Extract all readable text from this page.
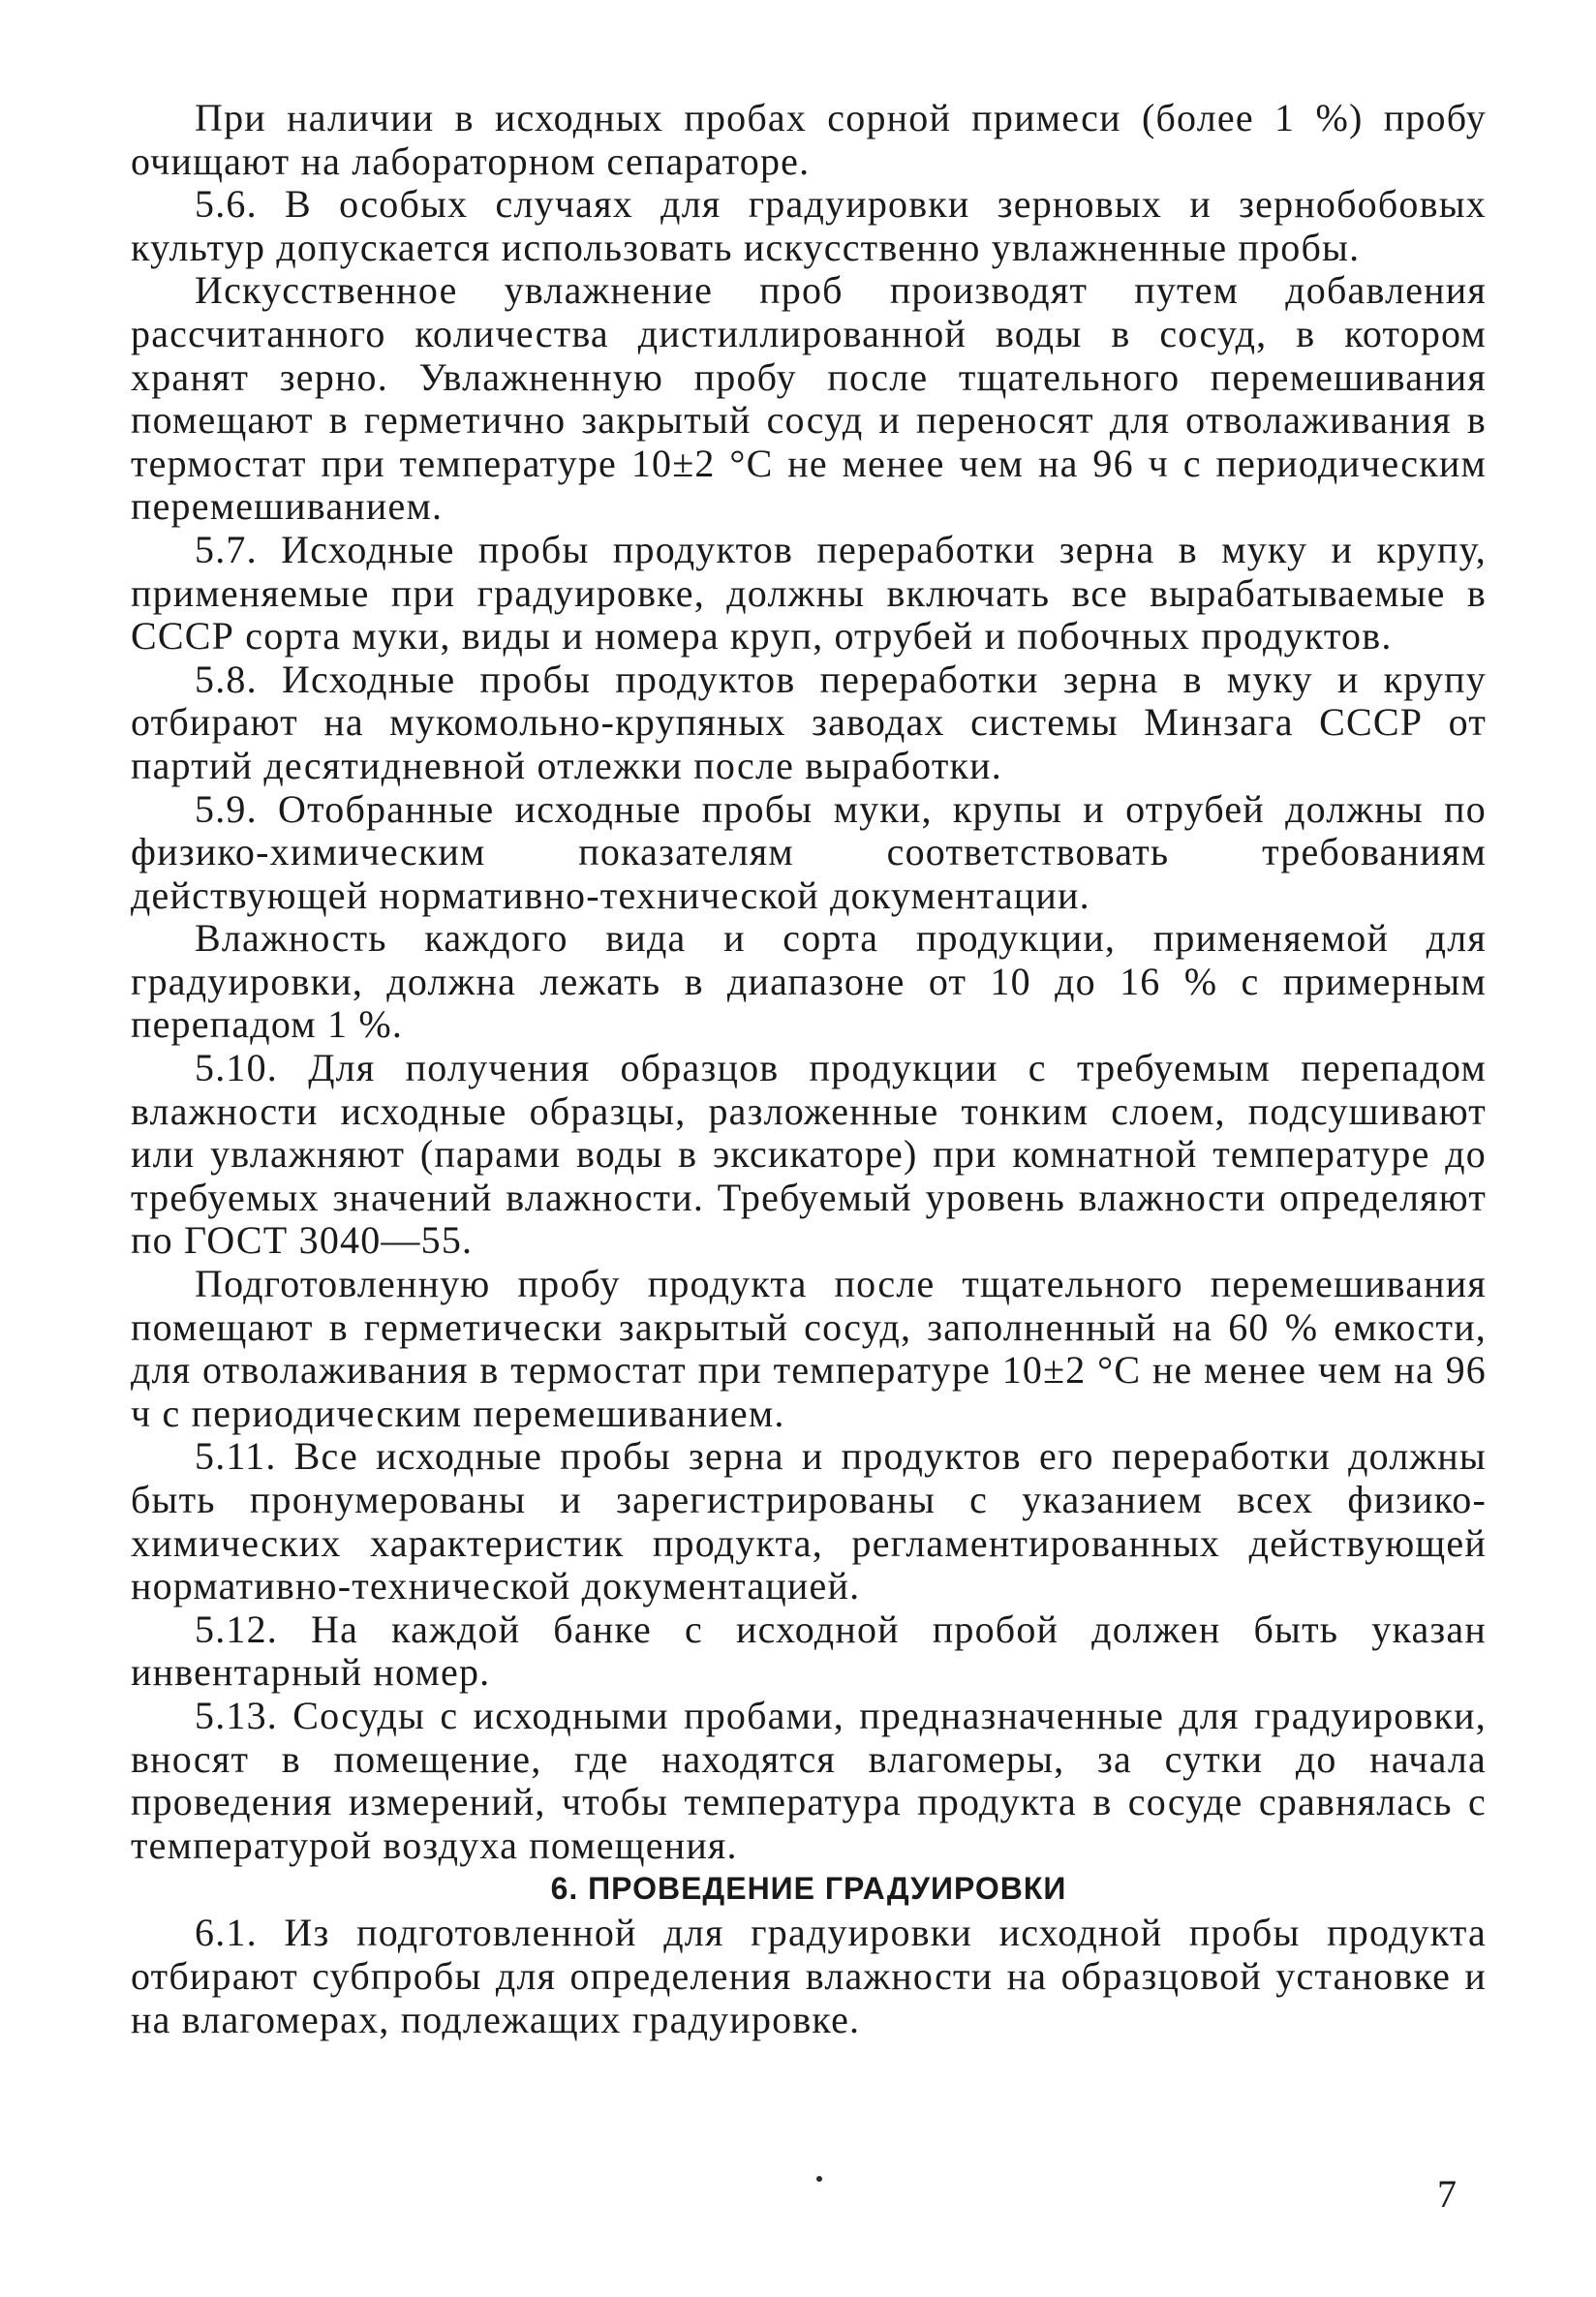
При наличии в исходных пробах сорной примеси (более 1 %) пробу очищают на лабораторном сепараторе.

5.6. В особых случаях для градуировки зерновых и зернобобовых культур допускается использовать искусственно увлажненные пробы.

Искусственное увлажнение проб производят путем добавления рассчитанного количества дистиллированной воды в сосуд, в котором хранят зерно. Увлажненную пробу после тщательного перемешивания помещают в герметично закрытый сосуд и переносят для отволаживания в термостат при температуре 10±2 °С не менее чем на 96 ч с периодическим перемешиванием.

5.7. Исходные пробы продуктов переработки зерна в муку и крупу, применяемые при градуировке, должны включать все вырабатываемые в СССР сорта муки, виды и номера круп, отрубей и побочных продуктов.

5.8. Исходные пробы продуктов переработки зерна в муку и крупу отбирают на мукомольно-крупяных заводах системы Минзага СССР от партий десятидневной отлежки после выработки.

5.9. Отобранные исходные пробы муки, крупы и отрубей должны по физико-химическим показателям соответствовать требованиям действующей нормативно-технической документации.

Влажность каждого вида и сорта продукции, применяемой для градуировки, должна лежать в диапазоне от 10 до 16 % с примерным перепадом 1 %.

5.10. Для получения образцов продукции с требуемым перепадом влажности исходные образцы, разложенные тонким слоем, подсушивают или увлажняют (парами воды в эксикаторе) при комнатной температуре до требуемых значений влажности. Требуемый уровень влажности определяют по ГОСТ 3040—55.

Подготовленную пробу продукта после тщательного перемешивания помещают в герметически закрытый сосуд, заполненный на 60 % емкости, для отволаживания в термостат при температуре 10±2 °С не менее чем на 96 ч с периодическим перемешиванием.

5.11. Все исходные пробы зерна и продуктов его переработки должны быть пронумерованы и зарегистрированы с указанием всех физико-химических характеристик продукта, регламентированных действующей нормативно-технической документацией.

5.12. На каждой банке с исходной пробой должен быть указан инвентарный номер.

5.13. Сосуды с исходными пробами, предназначенные для градуировки, вносят в помещение, где находятся влагомеры, за сутки до начала проведения измерений, чтобы температура продукта в сосуде сравнялась с температурой воздуха помещения.

6. ПРОВЕДЕНИЕ ГРАДУИРОВКИ

6.1. Из подготовленной для градуировки исходной пробы продукта отбирают субпробы для определения влажности на образцовой установке и на влагомерах, подлежащих градуировке.

7
